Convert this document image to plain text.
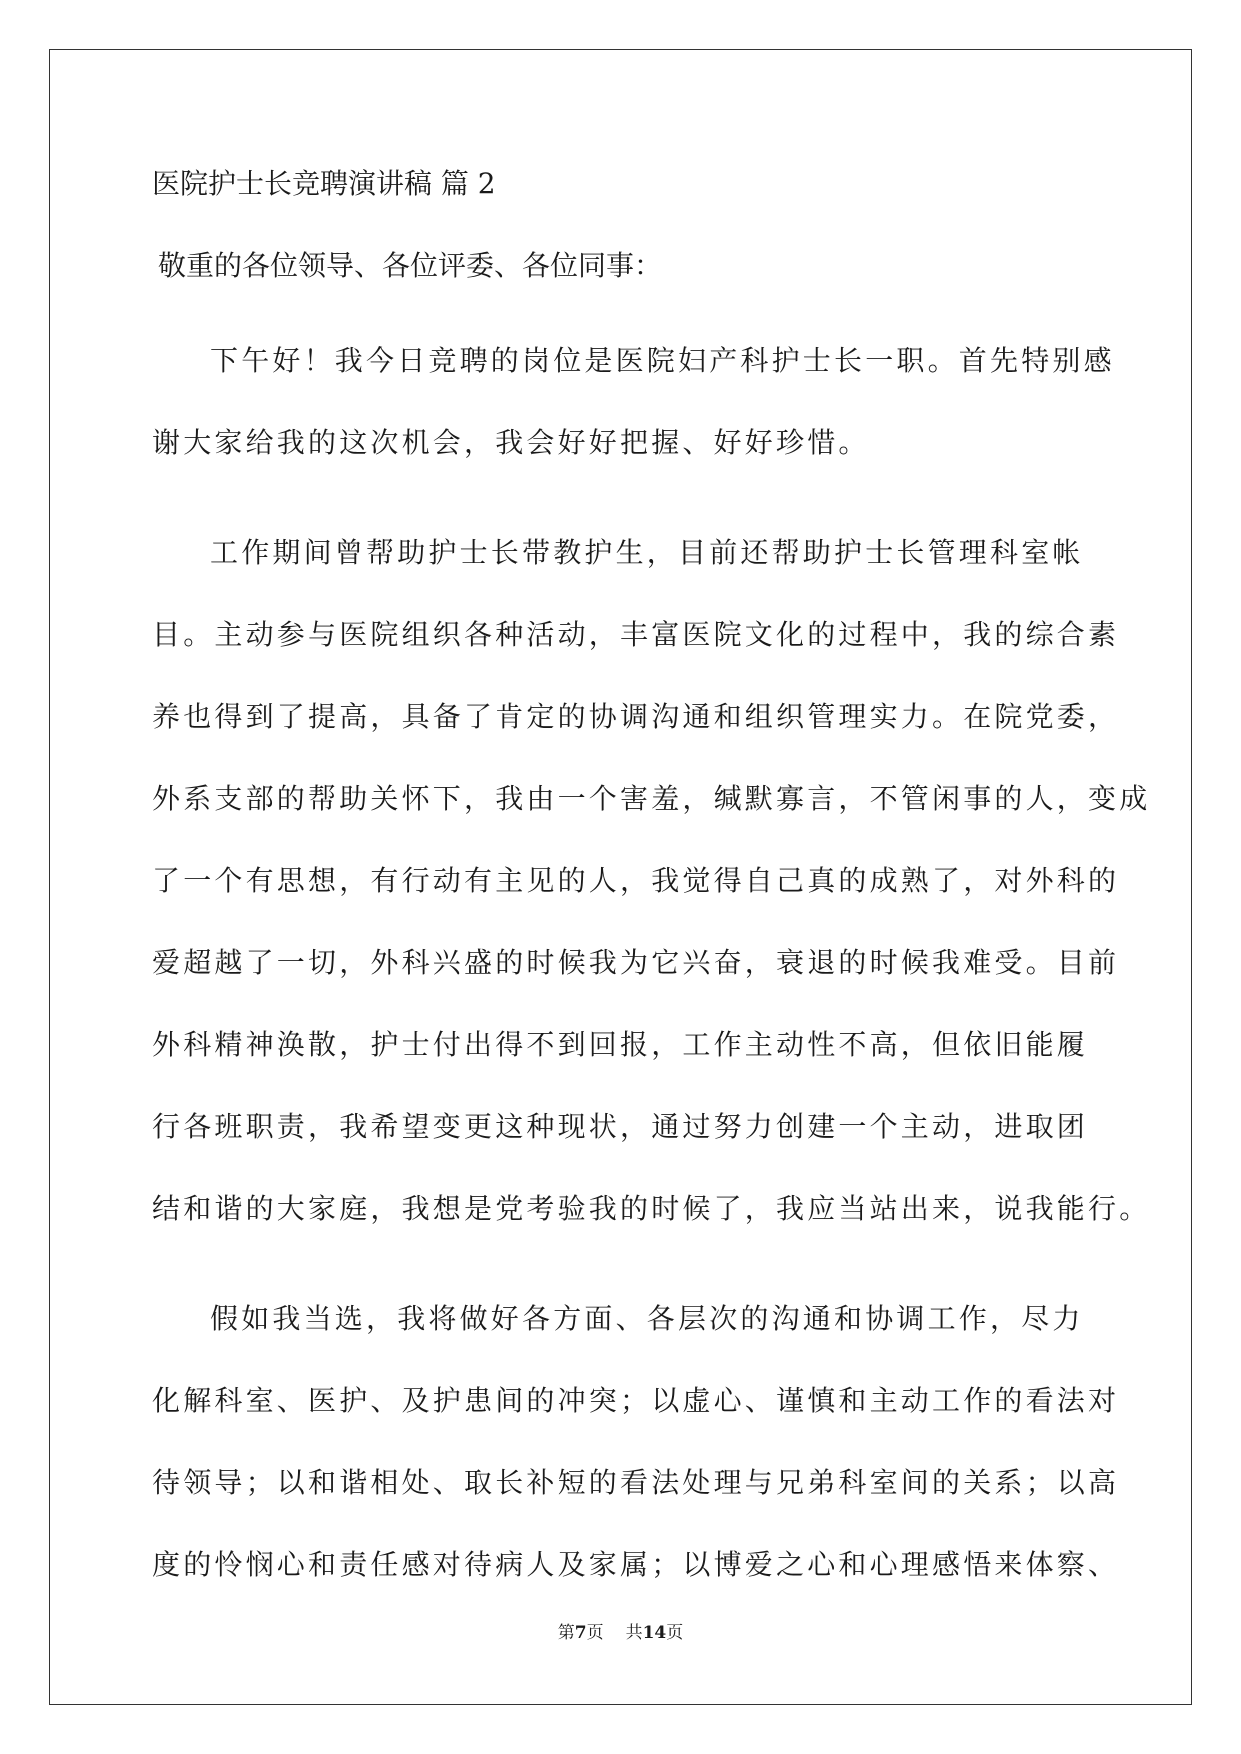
医院护士长竞聘演讲稿 篇 2
敬重的各位领导、各位评委、各位同事：
下午好！我今日竞聘的岗位是医院妇产科护士长一职。首先特别感
谢大家给我的这次机会，我会好好把握、好好珍惜。
工作期间曾帮助护士长带教护生，目前还帮助护士长管理科室帐
目。主动参与医院组织各种活动，丰富医院文化的过程中，我的综合素
养也得到了提高，具备了肯定的协调沟通和组织管理实力。在院党委，
外系支部的帮助关怀下，我由一个害羞，缄默寡言，不管闲事的人，变成
了一个有思想，有行动有主见的人，我觉得自己真的成熟了，对外科的
爱超越了一切，外科兴盛的时候我为它兴奋，衰退的时候我难受。目前
外科精神涣散，护士付出得不到回报，工作主动性不高，但依旧能履
行各班职责，我希望变更这种现状，通过努力创建一个主动，进取团
结和谐的大家庭，我想是党考验我的时候了，我应当站出来，说我能行。
假如我当选，我将做好各方面、各层次的沟通和协调工作，尽力
化解科室、医护、及护患间的冲突；以虚心、谨慎和主动工作的看法对
待领导；以和谐相处、取长补短的看法处理与兄弟科室间的关系；以高
度的怜悯心和责任感对待病人及家属；以博爱之心和心理感悟来体察、
第7页 共14页
